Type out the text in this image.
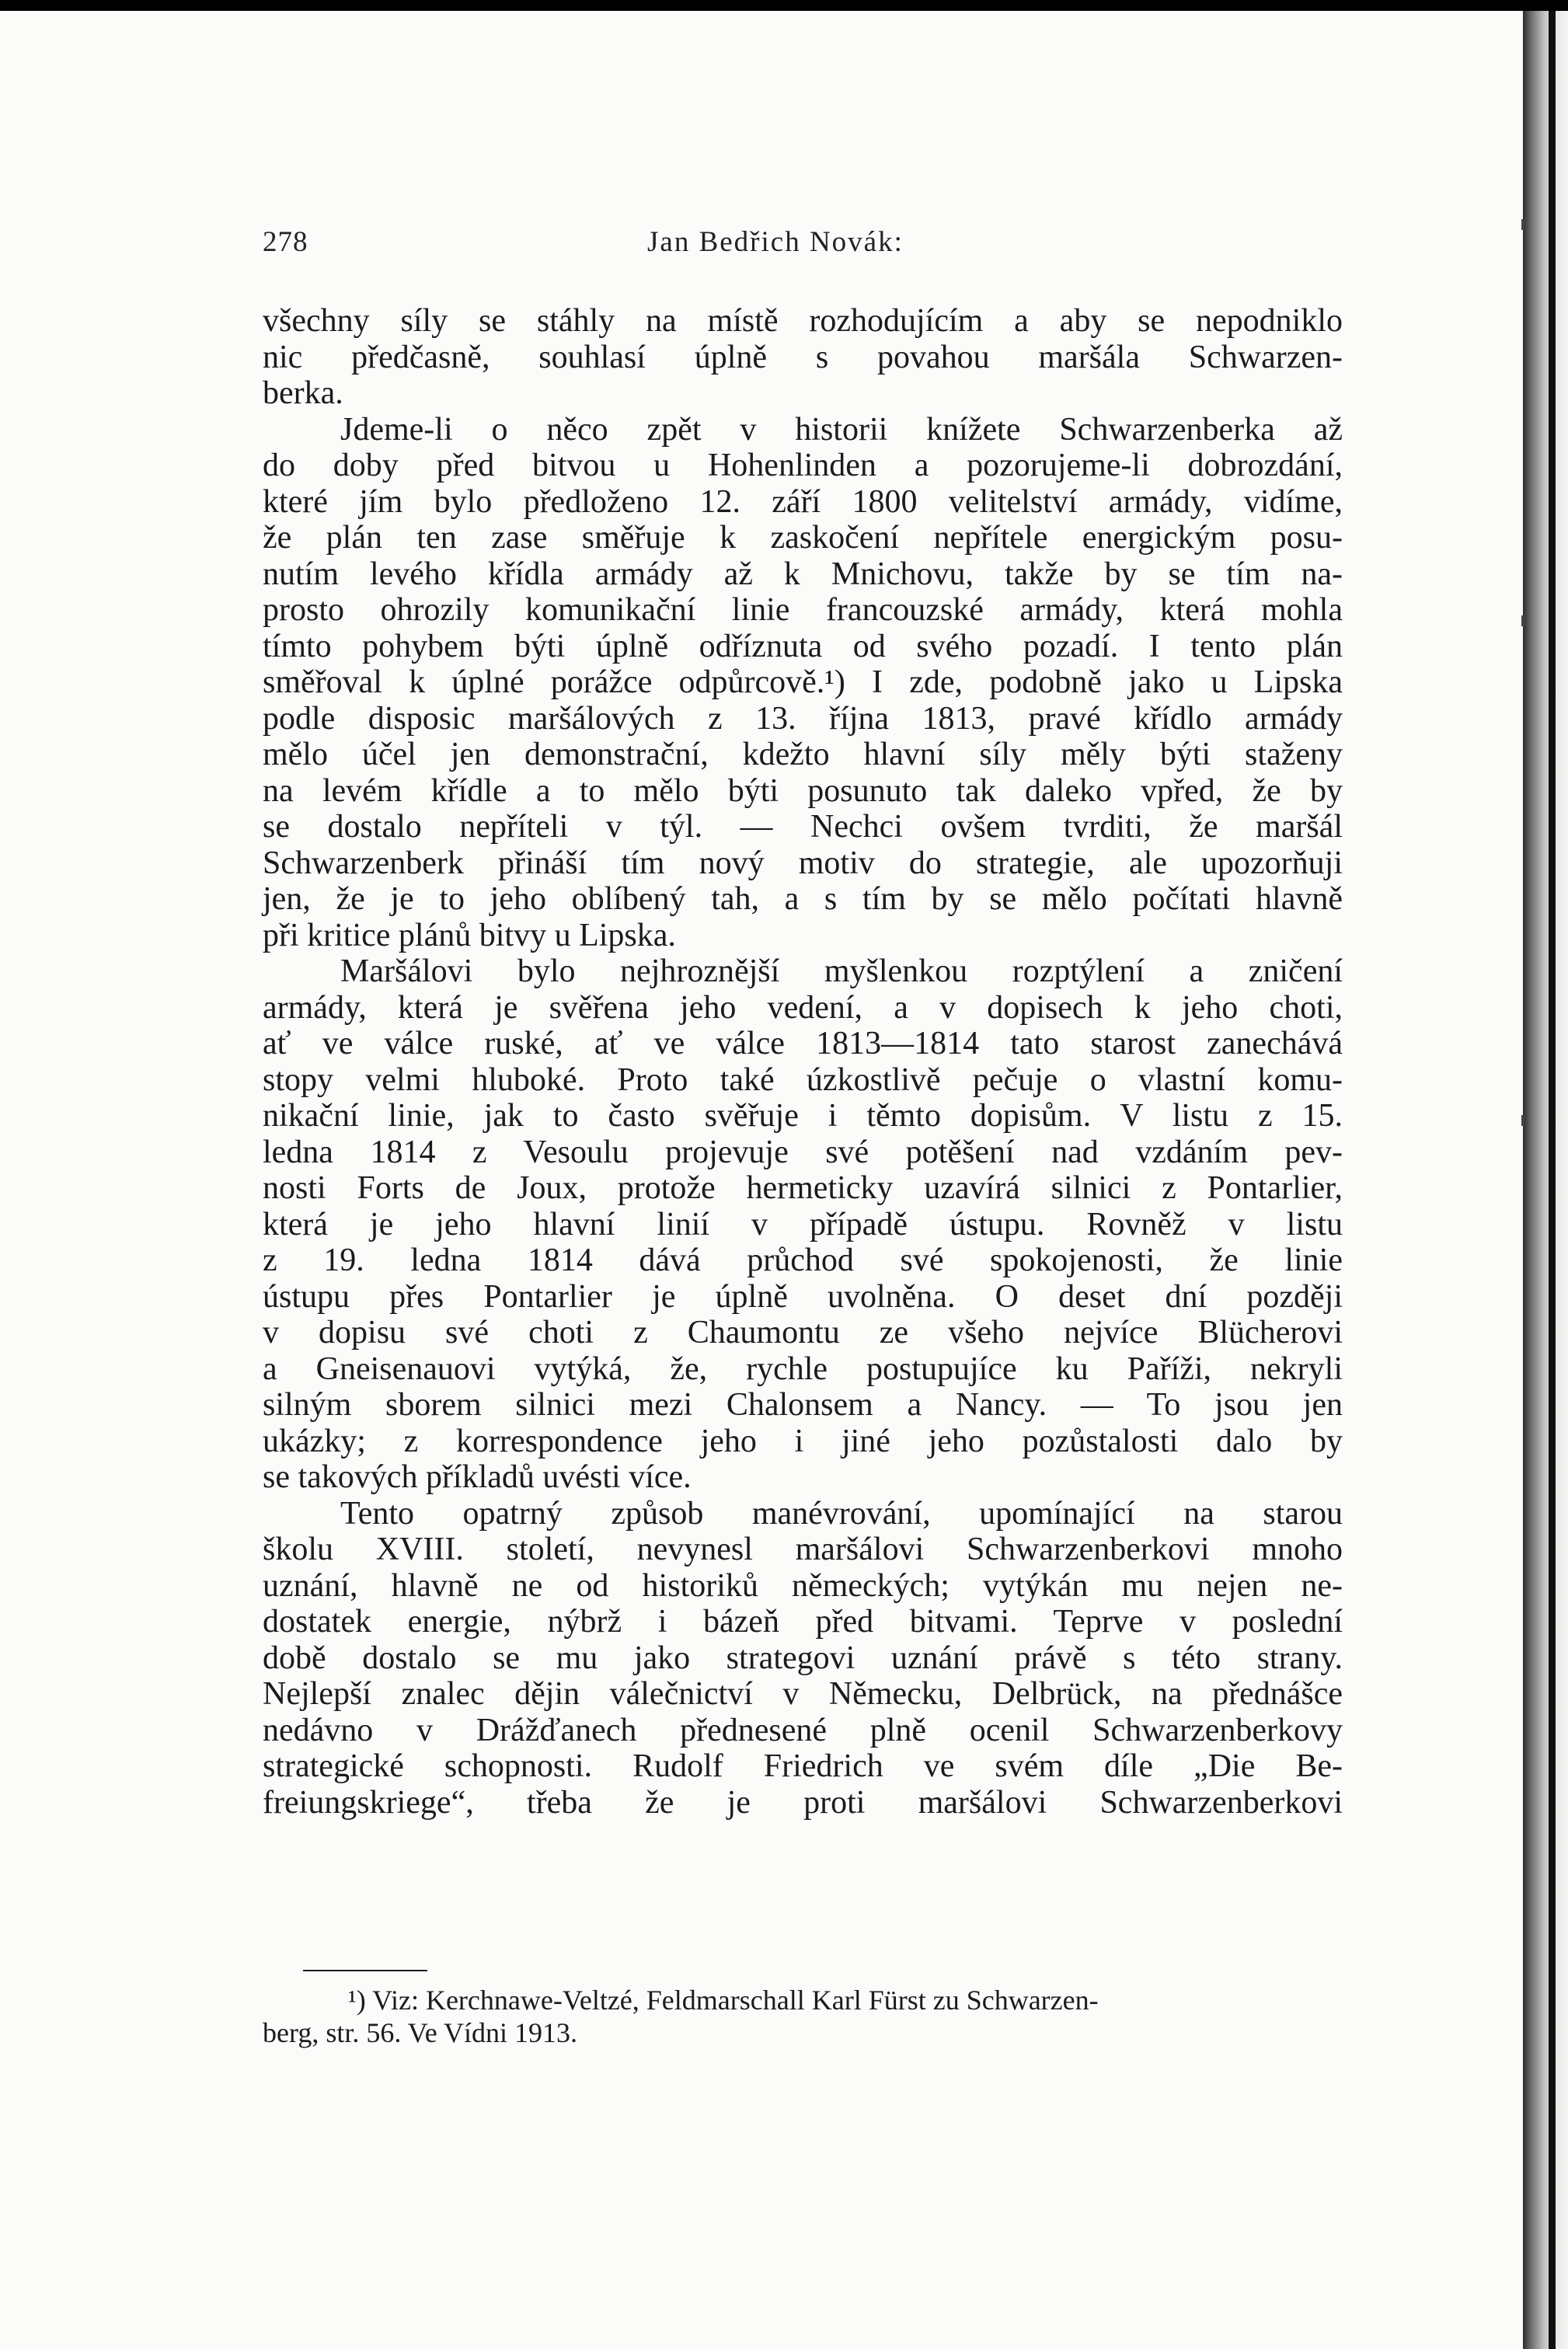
278	Jan Bedřich Novák:
všechny síly se stáhly na místě rozhodujícím a aby se nepodniklo
nic předčasně, souhlasí úplně s povahou maršála Schwarzen-
berka.
Jdeme-li o něco zpět v historii knížete Schwarzenberka až
do doby před bitvou u Hohenlinden a pozorujeme-li dobrozdání,
které jím bylo předloženo 12. září 1800 velitelství armády, vidíme,
že plán ten zase směřuje k zaskočení nepřítele energickým posu-
nutím levého křídla armády až k Mnichovu, takže by se tím na-
prosto ohrozily komunikační linie francouzské armády, která mohla
tímto pohybem býti úplně odříznuta od svého pozadí. I tento plán
směřoval k úplné porážce odpůrcově.¹) I zde, podobně jako u Lipska
podle disposic maršálových z 13. října 1813, pravé křídlo armády
mělo účel jen demonstrační, kdežto hlavní síly měly býti staženy
na levém křídle a to mělo býti posunuto tak daleko vpřed, že by
se dostalo nepříteli v týl. — Nechci ovšem tvrditi, že maršál
Schwarzenberk přináší tím nový motiv do strategie, ale upozorňuji
jen, že je to jeho oblíbený tah, a s tím by se mělo počítati hlavně
při kritice plánů bitvy u Lipska.
Maršálovi bylo nejhroznější myšlenkou rozptýlení a zničení
armády, která je svěřena jeho vedení, a v dopisech k jeho choti,
ať ve válce ruské, ať ve válce 1813—1814 tato starost zanechává
stopy velmi hluboké. Proto také úzkostlivě pečuje o vlastní komu-
nikační linie, jak to často svěřuje i těmto dopisům. V listu z 15.
ledna 1814 z Vesoulu projevuje své potěšení nad vzdáním pev-
nosti Forts de Joux, protože hermeticky uzavírá silnici z Pontarlier,
která je jeho hlavní linií v případě ústupu. Rovněž v listu
z 19. ledna 1814 dává průchod své spokojenosti, že linie
ústupu přes Pontarlier je úplně uvolněna. O deset dní později
v dopisu své choti z Chaumontu ze všeho nejvíce Blücherovi
a Gneisenauovi vytýká, že, rychle postupujíce ku Paříži, nekryli
silným sborem silnici mezi Chalonsem a Nancy. — To jsou jen
ukázky; z korrespondence jeho i jiné jeho pozůstalosti dalo by
se takových příkladů uvésti více.
Tento opatrný způsob manévrování, upomínající na starou
školu XVIII. století, nevynesl maršálovi Schwarzenberkovi mnoho
uznání, hlavně ne od historiků německých; vytýkán mu nejen ne-
dostatek energie, nýbrž i bázeň před bitvami. Teprve v poslední
době dostalo se mu jako strategovi uznání právě s této strany.
Nejlepší znalec dějin válečnictví v Německu, Delbrück, na přednášce
nedávno v Drážďanech přednesené plně ocenil Schwarzenberkovy
strategické schopnosti. Rudolf Friedrich ve svém díle „Die Be-
freiungskriege“, třeba že je proti maršálovi Schwarzenberkovi
¹) Viz: Kerchnawe-Veltzé, Feldmarschall Karl Fürst zu Schwarzen-
berg, str. 56. Ve Vídni 1913.
